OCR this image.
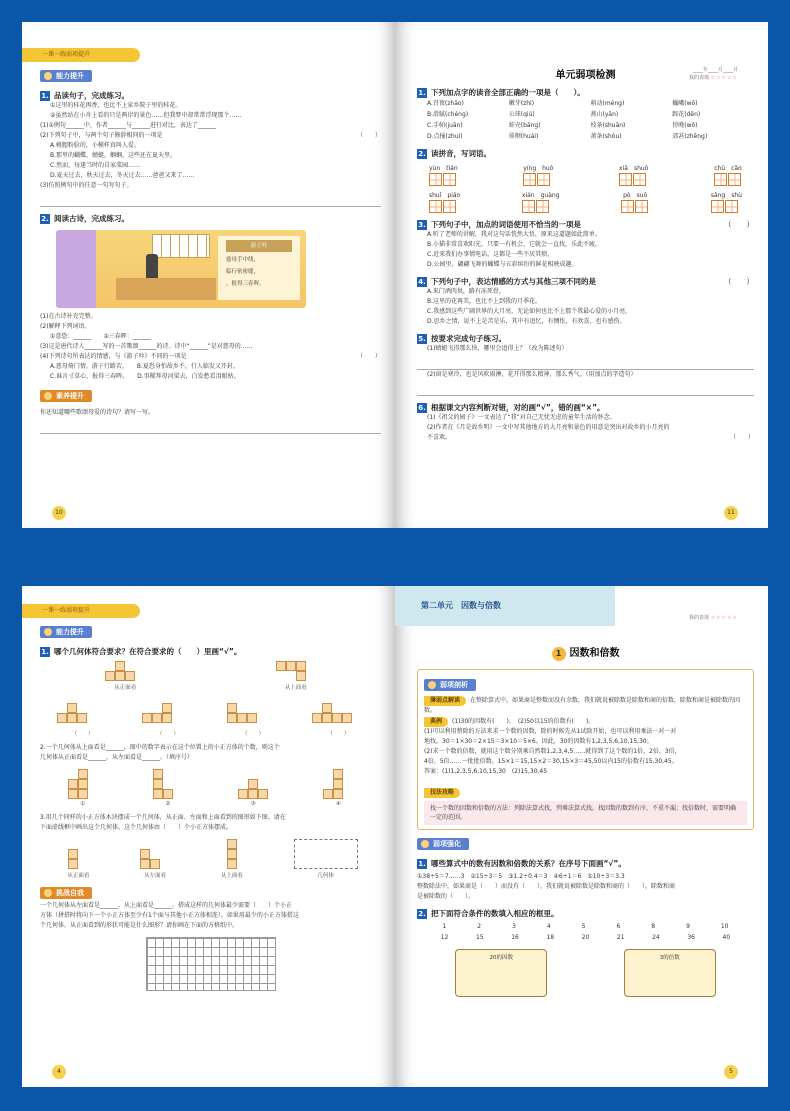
一课一练弱项提升
能力提升
1. 品读句子，完成练习。
①这里的桂花再香，也比不上家乡院子里的桂花。
②虽然站在小舟上看的只是两岸的景色……但我梦中却常常浮现那个……
(1)①例句______中，作者______与______进行对比，表达了______
(2)下列句子中，与两个句子修辞相同的一项是	（　　）
A.桃腮粉脸的，小模样真叫人爱。
B.那里的蝴蝶，蜻蜓，蝈蝈，这些还在夏天里。
C.然而，每逢当时的自家菜园……
D.夏天过去，秋天过去，冬天过去……爸爸又来了……
(3)仿照例句中的任意一句写句子。
2. 阅读古诗，完成练习。
游子吟
慈母手中线，
临行密密缝，
，报得三春晖。
(1)在古诗补充完整。
(2)解释下列词语。
①意恐：______　　②三春晖：______
(3)这是唐代诗人______写的一首歌颂______的诗。诗中“______”是对慈母的……
(4)下列诗句所表达的情感，与《游子吟》不同的一项是	（　　）
A.慈母倚门情，游子行路苦。　　B.夏恐身怕故乡不，行人临发又开封。
C.谁言寸草心，报得三春晖。　　D.事稀拜母河梁去，白发愁看泪眼枯。
素养提升
你还知道哪些歌颂母爱的诗句？请写一写。
10
____年____月____日
我的表现 ☆☆☆☆☆
单元弱项检测
1. 下列加点字的读音全部正确的一项是（　　）。
A.召夜(zhāo)	嫩芽(zhì)	萌动(méng)	巍峨(wō)
B.滑腻(chéng)	公球(qiú)	燕山(yān)	蹄花(dēn)
C.手帕(juān)	蚌壳(bāng)	枝条(shuān)	傍晚(wō)
D.点撞(zhuì)	徘徊(huái)	萧条(shōu)	郊甚(zhēng)
2. 读拼音，写词语。
yùn　tián	yíng　huǒ	xiā　shuō	chū　cǎo
shuǐ　piáo	xián　guàng	pò　suǒ	sāng　shù
3. 下列句子中，加点的词语使用不恰当的一项是	（　　）
A.听了老师的讲解，我对这句话恍然大悟，原来这道题如此简单。
B.小猫非常喜欢阳光，只要一有机会，它就会一直找，乐此不疲。
C.近来我们办事情电话，这都是一些不厌其烦。
D.公园里，翩翩飞舞的蝴蝶与五彩缤纷的鲜花相映成趣。
4. 下列句子中，表达情感的方式与其他三项不同的是	（　　）
A.来门洒肉臭，路有冻死骨。
B.这里的花再美，也比不上到我的月季花。
C.我感到这些广阔世界的大月亮，无论如何也比不上那个我最心爱的小月亮。
D.思乡之情，说不上是苦是乐，其中有追忆，有惆怅，有欢喜，也有感伤。
5. 按要求完成句子练习。
(1)蜻蜓飞得那么快，哪里会追得上？（改为陈述句）
(2)窗是寒冷，也是风吹雨淋，花开得那么精神，那么秀气。（用加点的字造句）
6. 根据课文内容判断对错，对的画“√”，错的画“×”。
(1)《祖父的园子》一文表达了“我”对自己无忧无虑的童年生活的怀念。
(2)作者在《月是故乡明》一文中写其他地方的大月亮和景色的用意是突出对故乡的小月亮的
不喜欢。	（　　）
11
一课一练弱项提升
能力提升
1. 哪个几何体符合要求？在符合要求的（　　）里画“√”。
从正面看	从上面看
（　　）	（　　）	（　　）	（　　）
2.一个几何体从上面看是______，图中的数字表示在这个位置上的小正方体的个数，则这个
几何体从正面看是______，从左面看是______。（填序号）
①	②	③	④
3.用几个同样的小正方体木块摆成一个几何体，从正面、左面和上面看到的图形如下图。请在
下面虚线框中画出这个几何体。这个几何体由（　　）个小正方体摆成。
从正面看	从左面看	从上面看	几何体
挑战自我
一个几何体从左面看是______，从上面看是______。搭成这样的几何体最少需要（　　）个小正
方体（拼搭时将向下一个小正方体至少有1个面与其他小正方体相连）。如果用最少的小正方体搭这
个几何体，从正面看到的形状可能是什么图形？请你画在下面的方格纸中。
4
第二单元　因数与倍数
我的表现 ☆☆☆☆☆
1 因数和倍数
弱项剖析
薄弱点解读 在整除算式中，如果商是整数而没有余数，我们就说被除数是除数和商的倍数，除数和商是被除数的因数。
典例 (1)30的因数有(　　)。　(2)50以15的倍数有(　　)。
(1)可以利用整除的方法来求一个数的因数，除的时候先从1试除开始，也可以利用乘法一对一对
地找。30＝1×30＝2×15＝3×10＝5×6。因此，30的因数有1,2,3,5,6,10,15,30。
(2)求一个数的倍数，就用这个数分别乘自然数1,2,3,4,5……就得到了这个数的1倍，2倍，3倍，
4倍，5倍……一批批倍数。15×1＝15,15×2＝30,15×3＝45,50以内15的倍数有15,30,45。
答案：(1)1,2,3,5,6,10,15,30　(2)15,30,45
技法攻略
找一个数的因数和倍数的方法：列除法算式找，列乘法算式找。找因数的数到有序，不重不漏；找倍数时，需要明确一定的范围。
弱项强化
1. 哪些算式中的数有因数和倍数的关系？在序号下面画“√”。
①38÷5＝7……3　②15÷3＝5　③1.2÷0.4＝3　④6÷1＝6　⑤10÷3＝3.3
整数除法中，如果商是（　　）而没有（　　），我们就说被除数是除数和商的（　　），除数和商
是被除数的（　　）。
2. 把下面符合条件的数填入相应的框里。
1	2	3	4	5	6	8	9	10
12	15	16	18	20	21	24	36	40
20的因数	3的倍数
5
